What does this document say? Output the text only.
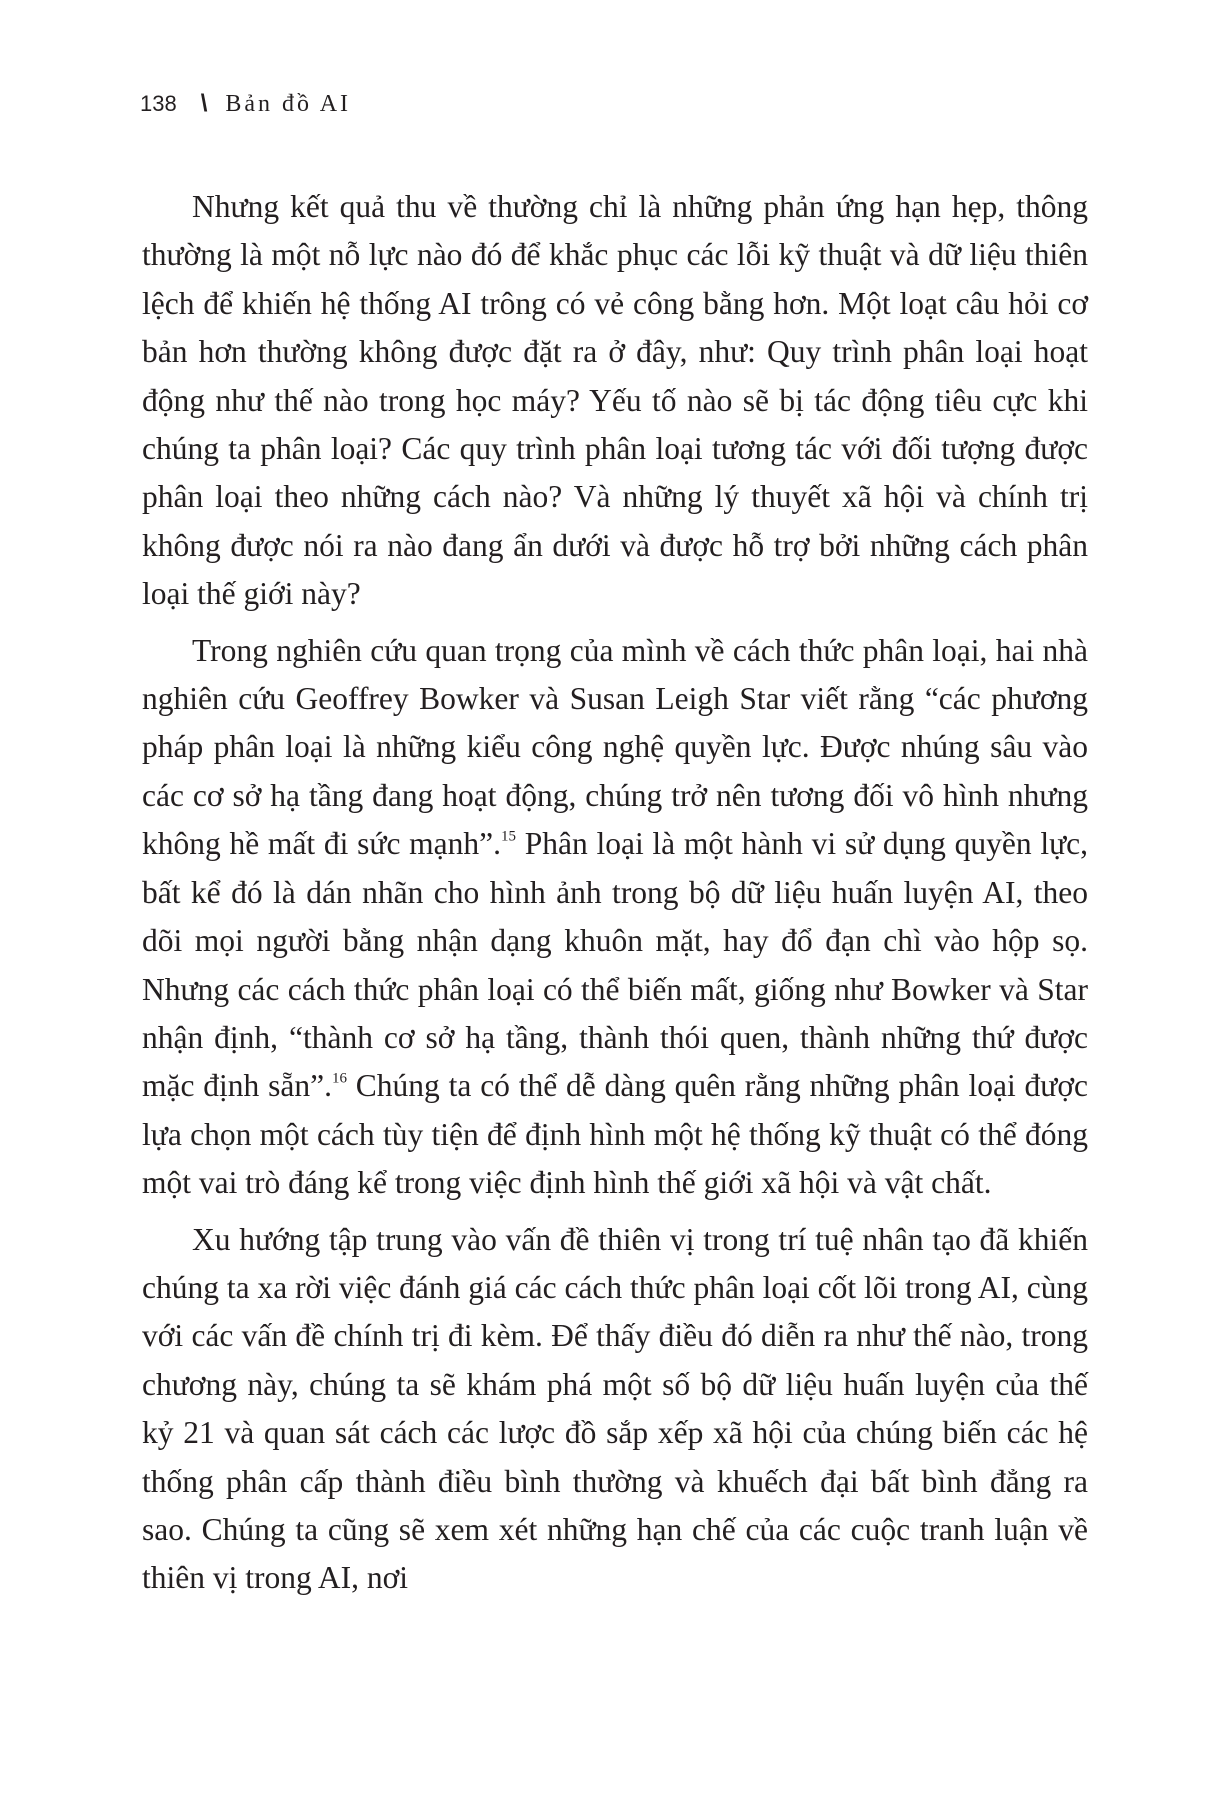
138 \ Bản đồ AI

Nhưng kết quả thu về thường chỉ là những phản ứng hạn hẹp, thông thường là một nỗ lực nào đó để khắc phục các lỗi kỹ thuật và dữ liệu thiên lệch để khiến hệ thống AI trông có vẻ công bằng hơn. Một loạt câu hỏi cơ bản hơn thường không được đặt ra ở đây, như: Quy trình phân loại hoạt động như thế nào trong học máy? Yếu tố nào sẽ bị tác động tiêu cực khi chúng ta phân loại? Các quy trình phân loại tương tác với đối tượng được phân loại theo những cách nào? Và những lý thuyết xã hội và chính trị không được nói ra nào đang ẩn dưới và được hỗ trợ bởi những cách phân loại thế giới này?

Trong nghiên cứu quan trọng của mình về cách thức phân loại, hai nhà nghiên cứu Geoffrey Bowker và Susan Leigh Star viết rằng “các phương pháp phân loại là những kiểu công nghệ quyền lực. Được nhúng sâu vào các cơ sở hạ tầng đang hoạt động, chúng trở nên tương đối vô hình nhưng không hề mất đi sức mạnh”.$^{15}$ Phân loại là một hành vi sử dụng quyền lực, bất kể đó là dán nhãn cho hình ảnh trong bộ dữ liệu huấn luyện AI, theo dõi mọi người bằng nhận dạng khuôn mặt, hay đổ đạn chì vào hộp sọ. Nhưng các cách thức phân loại có thể biến mất, giống như Bowker và Star nhận định, “thành cơ sở hạ tầng, thành thói quen, thành những thứ được mặc định sẵn”.$^{16}$ Chúng ta có thể dễ dàng quên rằng những phân loại được lựa chọn một cách tùy tiện để định hình một hệ thống kỹ thuật có thể đóng một vai trò đáng kể trong việc định hình thế giới xã hội và vật chất.

Xu hướng tập trung vào vấn đề thiên vị trong trí tuệ nhân tạo đã khiến chúng ta xa rời việc đánh giá các cách thức phân loại cốt lõi trong AI, cùng với các vấn đề chính trị đi kèm. Để thấy điều đó diễn ra như thế nào, trong chương này, chúng ta sẽ khám phá một số bộ dữ liệu huấn luyện của thế kỷ 21 và quan sát cách các lược đồ sắp xếp xã hội của chúng biến các hệ thống phân cấp thành điều bình thường và khuếch đại bất bình đẳng ra sao. Chúng ta cũng sẽ xem xét những hạn chế của các cuộc tranh luận về thiên vị trong AI, nơi
